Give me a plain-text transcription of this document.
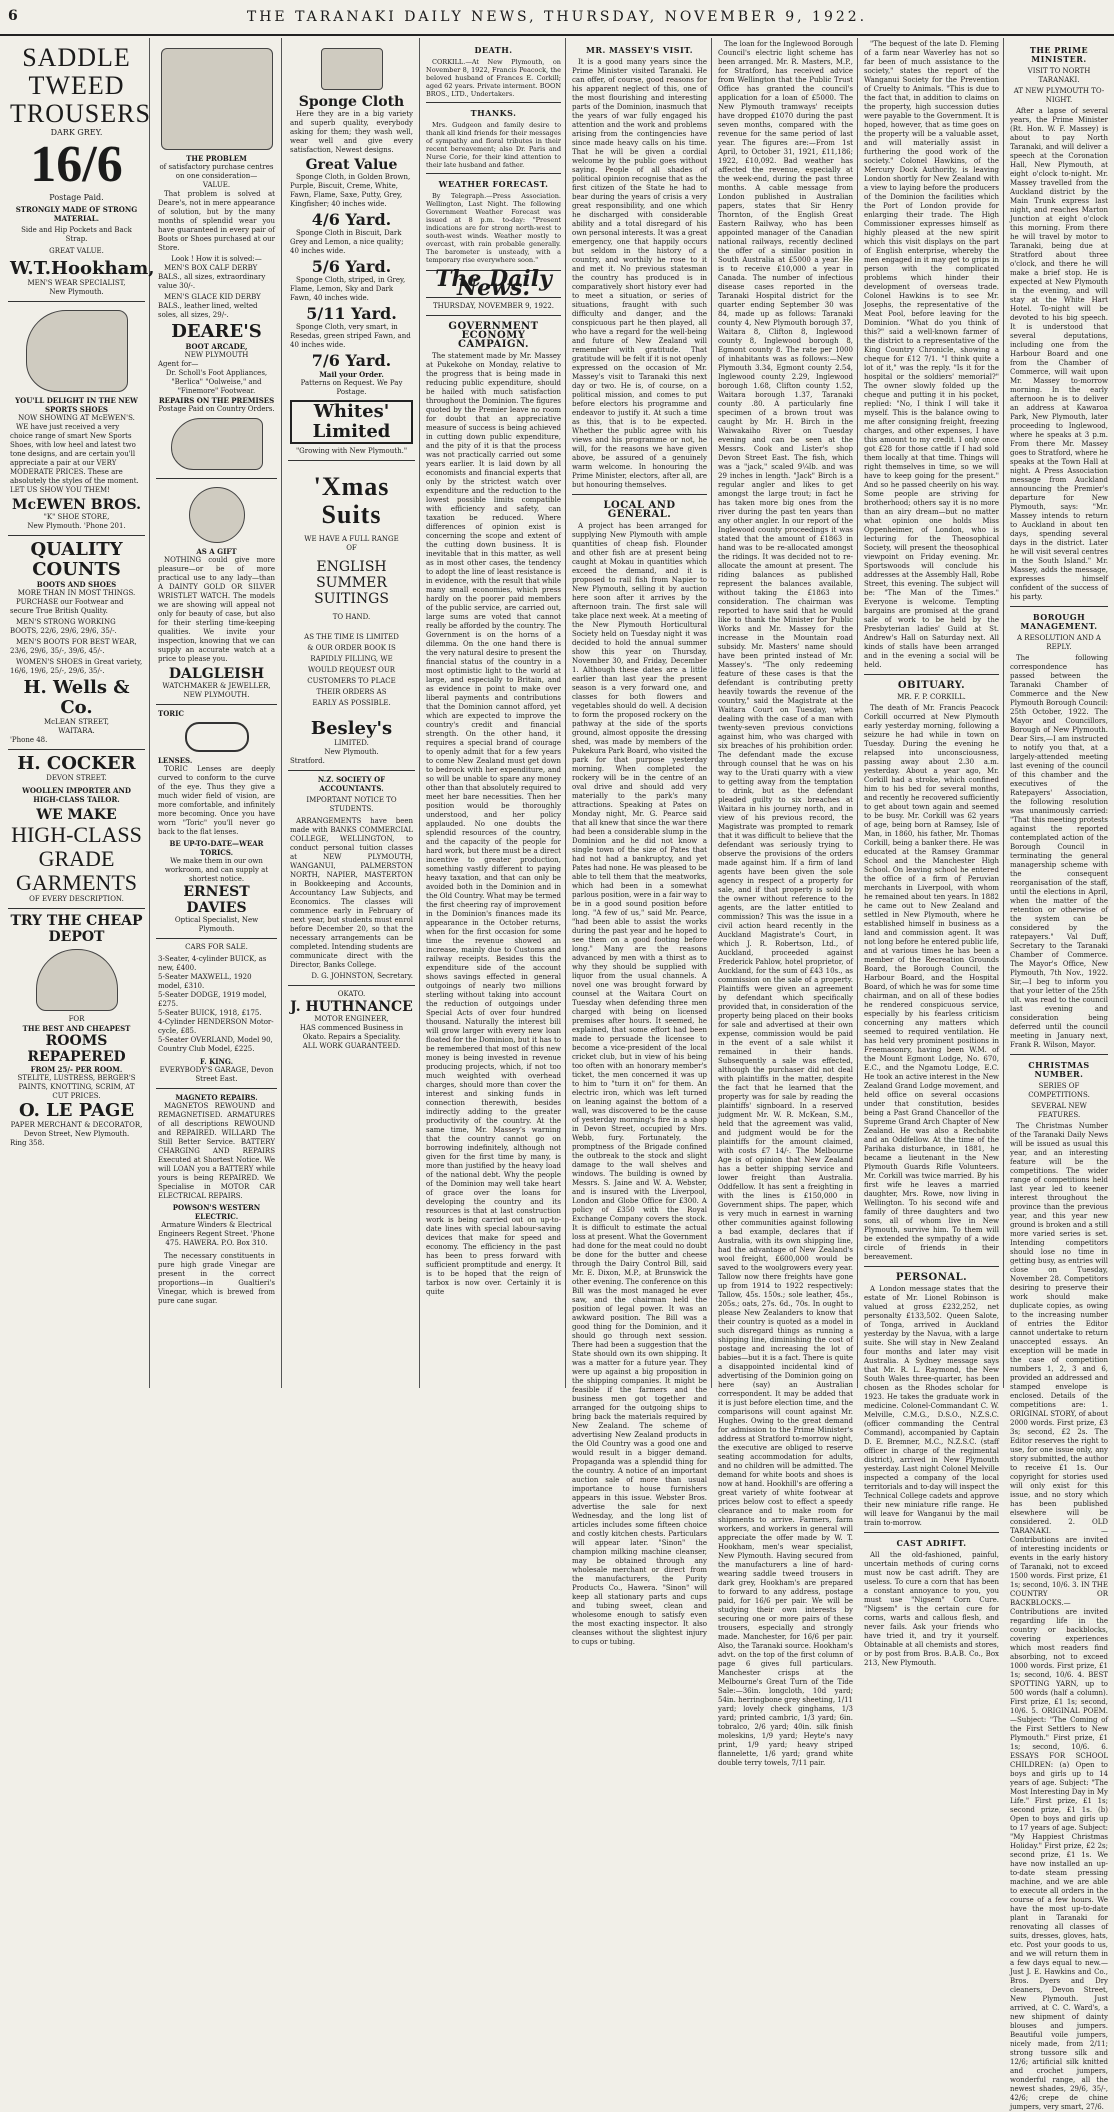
6	THE TARANAKI DAILY NEWS, THURSDAY, NOVEMBER 9, 1922.
SADDLE
TWEED
TROUSERS
DARK GREY.
16/6
Postage Paid.
STRONGLY MADE OF STRONG MATERIAL.
Side and Hip Pockets and Back Strap.
GREAT VALUE.
W.T.Hookham,
MEN'S WEAR SPECIALIST,
New Plymouth.
YOU'LL DELIGHT IN THE NEW SPORTS SHOES
NOW SHOWING AT McEWEN'S.

WE have just received a very choice range of smart New Sports Shoes, with low heel and latest two tone designs, and are certain you'll appreciate a pair at our VERY MODERATE PRICES. These are absolutely the styles of the moment. LET US SHOW YOU THEM!

McEWEN BROS.
"K" SHOE STORE,
New Plymouth. 'Phone 201.
QUALITY
COUNTS
BOOTS AND SHOES
MORE THAN IN MOST THINGS.

PURCHASE our Footwear and secure True British Quality.

MEN'S STRONG WORKING BOOTS, 22/6, 29/6, 29/6, 35/-.

MEN'S BOOTS FOR BEST WEAR, 23/6, 29/6, 35/-, 39/6, 45/-.

WOMEN'S SHOES in Great variety, 16/6, 19/6, 25/-, 29/6, 35/-.

H. Wells & Co.
McLEAN STREET,
WAITARA.
'Phone 48.
H. COCKER
DEVON STREET.
WOOLLEN IMPORTER AND HIGH-CLASS TAILOR.
WE MAKE
HIGH-CLASS
GRADE
GARMENTS
OF EVERY DESCRIPTION.
TRY THE CHEAP DEPOT
FOR
THE BEST AND CHEAPEST
ROOMS REPAPERED
FROM 25/- PER ROOM.
STELITE, LUSTRESS, BERGER'S PAINTS, KNOTTING, SCRIM, AT CUT PRICES.
O. LE PAGE
PAPER MERCHANT & DECORATOR, Devon Street, New Plymouth.
Ring 358.
THE PROBLEM
of satisfactory purchase centres on one consideration—
VALUE.

That problem is solved at Deare's, not in mere appearance of solution, but by the many months of splendid wear you have guaranteed in every pair of Boots or Shoes purchased at our Store.

Look ! How it is solved:—

MEN'S BOX CALF DERBY BALS., all sizes, extraordinary value 30/-.

MEN'S GLACE KID DERBY BALS., leather lined, welted soles, all sizes, 29/-.

DEARE'S
BOOT ARCADE,
NEW PLYMOUTH
Agent for—
Dr. Scholl's Foot Appliances, "Berlica" "Oolweise," and "Finemore" Footwear.
REPAIRS ON THE PREMISES
Postage Paid on Country Orders.
AS A GIFT

NOTHING could give more pleasure—or be of more practical use to any lady—than A DAINTY GOLD OR SILVER WRISTLET WATCH. The models we are showing will appeal not only for beauty of case, but also for their sterling time-keeping qualities. We invite your inspection, knowing that we can supply an accurate watch at a price to please you.

DALGLEISH
WATCHMAKER & JEWELLER, NEW PLYMOUTH.
TORIC
LENSES.

TORIC Lenses are deeply curved to conform to the curve of the eye. Thus they give a much wider field of vision, are more comfortable, and infinitely more becoming. Once you have worn "Toric" you'll never go back to the flat lenses.

BE UP-TO-DATE—WEAR TORICS.
We make them in our own workroom, and can supply at shortest notice.
ERNEST DAVIES
Optical Specialist, New Plymouth.
CARS FOR SALE.
3-Seater, 4-cylinder BUICK, as new, £400.
5-Seater MAXWELL, 1920 model, £310.
5-Seater DODGE, 1919 model, £275.
5-Seater BUICK, 1918, £175.
4-Cylinder HENDERSON Motor-cycle, £85.
5-Seater OVERLAND, Model 90, Country Club Model, £225.
F. KING.
EVERYBODY'S GARAGE, Devon Street East.
MAGNETO REPAIRS.

MAGNETOS REWOUND and REMAGNETISED. ARMATURES of all descriptions REWOUND and REPAIRED. WILLARD The Still Better Service. BATTERY CHARGING AND REPAIRS Executed at Shortest Notice. We will LOAN you a BATTERY while yours is being REPAIRED. We Specialise in MOTOR CAR ELECTRICAL REPAIRS.

POWSON'S WESTERN ELECTRIC.
Armature Winders & Electrical Engineers Regent Street. 'Phone 475. HAWERA. P.O. Box 310.

The necessary constituents in pure high grade Vinegar are present in the correct proportions—in Gualtieri's Vinegar, which is brewed from pure cane sugar.

Sponge Cloth

Here they are in a big variety and superb quality, everybody asking for them; they wash well, wear well and give every satisfaction, Newest designs.

Great Value

Sponge Cloth, in Golden Brown, Purple, Biscuit, Creme, White, Fawn, Flame, Saxe, Putty, Grey, Kingfisher; 40 inches wide.

4/6 Yard.

Sponge Cloth in Biscuit, Dark Grey and Lemon, a nice quality; 40 inches wide.

5/6 Yard.

Sponge Cloth, striped, in Grey, Flame, Lemon, Sky and Dark Fawn, 40 inches wide.

5/11 Yard.

Sponge Cloth, very smart, in Resedas, green striped Fawn, and 40 inches wide.

7/6 Yard.
Mail your Order.
Patterns on Request. We Pay Postage.
Whites' Limited
"Growing with New Plymouth."
'Xmas
Suits
WE HAVE A FULL RANGE OF
ENGLISH SUMMER SUITINGS
TO HAND.
AS THE TIME IS LIMITED & OUR ORDER BOOK IS RAPIDLY FILLING, WE WOULD REQUEST OUR CUSTOMERS TO PLACE THEIR ORDERS AS EARLY AS POSSIBLE.
Besley's
LIMITED.
New Plymouth.
Stratford.
N.Z. SOCIETY OF ACCOUNTANTS.
IMPORTANT NOTICE TO STUDENTS.

ARRANGEMENTS have been made with BANKS COMMERCIAL COLLEGE, WELLINGTON, to conduct personal tuition classes at NEW PLYMOUTH, WANGANUI, PALMERSTON NORTH, NAPIER, MASTERTON in Bookkeeping and Accounts, Accountancy Law Subjects, and Economics. The classes will commence early in February of next year, but students must enrol before December 20, so that the necessary arrangements can be completed. Intending students are communicate direct with the Director, Banks College.

D. G. JOHNSTON, Secretary.
OKATO.
J. HUTHNANCE
MOTOR ENGINEER,
HAS commenced Business in Okato. Repairs a Speciality.
ALL WORK GUARANTEED.
DEATH.

CORKILL.—At New Plymouth, on November 8, 1922, Francis Peacock, the beloved husband of Frances E. Corkill; aged 62 years. Private interment. BOON BROS., LTD., Undertakers.

THANKS.

Mrs. Gudgeon and family desire to thank all kind friends for their messages of sympathy and floral tributes in their recent bereavement; also Dr. Paris and Nurse Corie, for their kind attention to their late husband and father.

WEATHER FORECAST.

By Telegraph.—Press Association. Wellington, Last Night. The following Government Weather Forecast was issued at 8 p.m. to-day: "Present indications are for strong north-west to south-west winds. Weather mostly to overcast, with rain probable generally. The barometer is unsteady, with a temporary rise everywhere soon."

The Daily News.
THURSDAY, NOVEMBER 9, 1922.
GOVERNMENT ECONOMY CAMPAIGN.

The statement made by Mr. Massey at Pukekohe on Monday, relative to the progress that is being made in reducing public expenditure, should be hailed with much satisfaction throughout the Dominion. The figures quoted by the Premier leave no room for doubt that an appreciative measure of success is being achieved in cutting down public expenditure, and the pity of it is that the process was not practically carried out some years earlier. It is laid down by all economists and financial experts that only by the strictest watch over expenditure and the reduction to the lowest possible limits compatible with efficiency and safety, can taxation be reduced. Where differences of opinion exist is concerning the scope and extent of the cutting down business. It is inevitable that in this matter, as well as in most other cases, the tendency to adopt the line of least resistance is in evidence, with the result that while many small economies, which press hardly on the poorer paid members of the public service, are carried out, large sums are voted that cannot really be afforded by the country. The Government is on the horns of a dilemma. On the one hand there is the very natural desire to present the financial status of the country in a most optimistic light to the world at large, and especially to Britain, and as evidence in point to make over liberal payments and contributions that the Dominion cannot afford, yet which are expected to improve the country's credit and financial strength. On the other hand, it requires a special brand of courage to openly admit that for a few years to come New Zealand must get down to bedrock with her expenditure, and so will be unable to spare any money other than that absolutely required to meet her bare necessities. Then her position would be thoroughly understood, and her policy applauded. No one doubts the splendid resources of the country, and the capacity of the people for hard work, but there must be a direct incentive to greater production, something vastly different to paying heavy taxation, and that can only be avoided both in the Dominion and in the Old Country. What may be termed the first cheering ray of improvement in the Dominion's finances made its appearance in the October returns, when for the first occasion for some time the revenue showed an increase, mainly due to Customs and railway receipts. Besides this the expenditure side of the account shows savings effected in general outgoings of nearly two millions sterling without taking into account the reduction of outgoings under Special Acts of over four hundred thousand. Naturally the interest bill will grow larger with every new loan floated for the Dominion, but it has to be remembered that most of this new money is being invested in revenue producing projects, which, if not too much weighted with overhead charges, should more than cover the interest and sinking funds in connection therewith, besides indirectly adding to the greater productivity of the country. At the same time, Mr. Massey's warning that the country cannot go on borrowing indefinitely, although not given for the first time by many, is more than justified by the heavy load of the national debt. Why the people of the Dominion may well take heart of grace over the loans for developing the country and its resources is that at last construction work is being carried out on up-to-date lines with special labour-saving devices that make for speed and economy. The efficiency in the past has been to press forward with sufficient promptitude and energy. It is to be hoped that the reign of tarbox is now over. Certainly it is quite

MR. MASSEY'S VISIT.

It is a good many years since the Prime Minister visited Taranaki. He can offer, of course, good reasons for his apparent neglect of this, one of the most flourishing and interesting parts of the Dominion, inasmuch that the years of war fully engaged his attention and the work and problems arising from the contingencies have since made heavy calls on his time. That he will be given a cordial welcome by the public goes without saying. People of all shades of political opinion recognise that as the first citizen of the State he had to bear during the years of crisis a very great responsibility, and one which he discharged with considerable ability and a total disregard of his own personal interests. It was a great emergency, one that happily occurs but seldom in the history of a country, and worthily he rose to it and met it. No previous statesman the country has produced is in comparatively short history ever had to meet a situation, or series of situations, fraught with such difficulty and danger, and the conspicuous part he then played, all who have a regard for the well-being and future of New Zealand will remember with gratitude. That gratitude will be felt if it is not openly expressed on the occasion of Mr. Massey's visit to Taranaki this next day or two. He is, of course, on a political mission, and comes to put before electors his programme and endeavor to justify it. At such a time as this, that is to be expected. Whether the public agree with his views and his programme or not, he will, for the reasons we have given above, be assured of a genuinely warm welcome. In honouring the Prime Minister, electors, after all, are but honouring themselves.

LOCAL AND GENERAL.

A project has been arranged for supplying New Plymouth with ample quantities of cheap fish. Flounder and other fish are at present being caught at Mokau in quantities which exceed the demand, and it is proposed to rail fish from Napier to New Plymouth, selling it by auction here soon after it arrives by the afternoon train. The first sale will take place next week. At a meeting of the New Plymouth Horticultural Society held on Tuesday night it was decided to hold the annual summer show this year on Thursday, November 30, and Friday, December 1. Although these dates are a little earlier than last year the present season is a very forward one, and classes for both flowers and vegetables should do well. A decision to form the proposed rockery on the pathway at the side of the sports ground, almost opposite the dressing shed, was made by members of the Pukekura Park Board, who visited the park for that purpose yesterday morning. When completed the rockery will be in the centre of an oval drive and should add very materially to the park's many attractions. Speaking at Pates on Monday night, Mr. G. Pearce said that all knew that since the war there had been a considerable slump in the Dominion and he did not know a single town of the size of Pates that had not had a bankruptcy, and yet Pates had none. He was pleased to be able to tell them that the meatworks, which had been in a somewhat parlous position, were in a fair way to be in a good sound position before long. "A few of us," said Mr. Pearce, "had been able to assist the works during the past year and he hoped to see them on a good footing before long." Many are the reasons advanced by men with a thirst as to why they should be supplied with liquor from the usual channels. A novel one was brought forward by counsel at the Waitara Court on Tuesday when defending three men charged with being on licensed premises after hours. It seemed, he explained, that some effort had been made to persuade the licensee to become a vice-president of the local cricket club, but in view of his being too often with an honorary member's ticket, the men concerned it was up to him to "turn it on" for them. An electric iron, which was left turned on leaning against the bottom of a wall, was discovered to be the cause of yesterday morning's fire in a shop in Devon Street, occupied by Mrs. Webb, fury. Fortunately, the promptness of the Brigade confined the outbreak to the stock and slight damage to the wall shelves and windows. The building is owned by Messrs. S. Jaine and W. A. Webster, and is insured with the Liverpool, London and Globe Office for £300. A policy of £350 with the Royal Exchange Company covers the stock. It is difficult to estimate the actual loss at present. What the Government had done for the meat could no doubt be done for the butter and cheese through the Dairy Control Bill, said Mr. E. Dixon, M.P., at Brunswick the other evening. The conference on this Bill was the most managed he ever saw, and the chairman held the position of legal power. It was an awkward position. The Bill was a good thing for the Dominion, and it should go through next session. There had been a suggestion that the State should own its own shipping. It was a matter for a future year. They were up against a big proposition in the shipping companies. It might be feasible if the farmers and the business men got together and arranged for the outgoing ships to bring back the materials required by New Zealand. The scheme of advertising New Zealand products in the Old Country was a good one and would result in a bigger demand. Propaganda was a splendid thing for the country. A notice of an important auction sale of more than usual importance to house furnishers appears in this issue. Webster Bros. advertise the sale for next Wednesday, and the long list of articles includes some fifteen choice and costly kitchen chests. Particulars will appear later. "Sinon" the champion milking machine cleanser, may be obtained through any wholesale merchant or direct from the manufacturers, the Purity Products Co., Hawera. "Sinon" will keep all stationary parts and cups and tubing sweet, clean and wholesome enough to satisfy even the most exacting inspector. It also cleanses without the slightest injury to cups or tubing.

The loan for the Inglewood Borough Council's electric light scheme has been arranged. Mr. R. Masters, M.P., for Stratford, has received advice from Wellington that the Public Trust Office has granted the council's application for a loan of £5000. The New Plymouth tramways' receipts have dropped £1070 during the past seven months, compared with the revenue for the same period of last year. The figures are:—From 1st April, to October 31, 1921, £11,186; 1922, £10,092. Bad weather has affected the revenue, especially at the week-end, during the past three months. A cable message from London published in Australian papers, states that Sir Henry Thornton, of the English Great Eastern Railway, who has been appointed manager of the Canadian national railways, recently declined the offer of a similar position in South Australia at £5000 a year. He is to receive £10,000 a year in Canada. The number of infectious disease cases reported in the Taranaki Hospital district for the quarter ending September 30 was 84, made up as follows: Taranaki county 4, New Plymouth borough 37, Waitara 8, Clifton 8, Inglewood county 8, Inglewood borough 8, Egmont county 8. The rate per 1000 of inhabitants was as follows:—New Plymouth 3.34, Egmont county 2.54, Inglewood county 2.29, Inglewood borough 1.68, Clifton county 1.52, Waitara borough 1.37, Taranaki county .80. A particularly fine specimen of a brown trout was caught by Mr. H. Birch in the Waiwakaiho River on Tuesday evening and can be seen at the Messrs. Cook and Lister's shop Devon Street East. The fish, which was a "jack," scaled 9¼lb. and was 29 inches in length. "Jack" Birch is a regular angler and likes to get amongst the large trout; in fact he has taken more big ones from the river during the past ten years than any other angler. In our report of the Inglewood county proceedings it was stated that the amount of £1863 in hand was to be re-allocated amongst the ridings. It was decided not to re-allocate the amount at present. The riding balances as published represent the balances available, without taking the £1863 into consideration. The chairman was reported to have said that he would like to thank the Minister for Public Works and Mr. Massey for the increase in the Mountain road subsidy. Mr. Masters' name should have been printed instead of Mr. Massey's. "The only redeeming feature of these cases is that the defendant is contributing pretty heavily towards the revenue of the country," said the Magistrate at the Waitara Court on Tuesday, when dealing with the case of a man with twenty-seven previous convictions against him, who was charged with six breaches of his prohibition order. The defendant made the excuse through counsel that he was on his way to the Urati quarry with a view to getting away from the temptation to drink, but as the defendant pleaded guilty to six breaches at Waitara in his journey north, and in view of his previous record, the Magistrate was prompted to remark that it was difficult to believe that the defendant was seriously trying to observe the provisions of the orders made against him. If a firm of land agents have been given the sole agency in respect of a property for sale, and if that property is sold by the owner without reference to the agents, are the latter entitled to commission? This was the issue in a civil action heard recently in the Auckland Magistrate's Court, in which J. R. Robertson, Ltd., of Auckland, proceeded against Frederick Pahlow, hotel proprietor, of Auckland, for the sum of £43 10s., as commission on the sale of a property. Plaintiffs were given an agreement by defendant which specifically provided that, in consideration of the property being placed on their books for sale and advertised at their own expense, commission would be paid in the event of a sale whilst it remained in their hands. Subsequently a sale was effected, although the purchaser did not deal with plaintiffs in the matter, despite the fact that he learned that the property was for sale by reading the plaintiffs' signboard. In a reserved judgment Mr. W. R. McKean, S.M., held that the agreement was valid, and judgment would be for the plaintiffs for the amount claimed, with costs £7 14/-. The Melbourne Age is of opinion that New Zealand has a better shipping service and lower freight than Australia. Oddfellow. It has sent a freighting in with the lines is £150,000 in Government ships. The paper, which is very much in earnest in warning other communities against following a bad example, declares that if Australia, with its own shipping line, had the advantage of New Zealand's wool freight, £600,000 would be saved to the woolgrowers every year. Tallow now there freights have gone up from 1914 to 1922 respectively: Tallow, 45s. 150s.; sole leather, 45s., 205s.; oats, 27s. 6d., 70s. In ought to please New Zealanders to know that their country is quoted as a model in such disregard things as running a shipping line, diminishing the cost of postage and increasing the lot of babies—but it is a fact. There is quite a disappointed incidental kind of advertising of the Dominion going on here (say) an Australian correspondent. It may be added that it is just before election time, and the comparisons will count against Mr. Hughes. Owing to the great demand for admission to the Prime Minister's address at Stratford to-morrow night, the executive are obliged to reserve seating accommodation for adults, and no children will be admitted. The demand for white boots and shoes is now at hand. Hookhill's are offering a great variety of white footwear at prices below cost to effect a speedy clearance and to make room for shipments to arrive. Farmers, farm workers, and workers in general will appreciate the offer made by W. T. Hookham, men's wear specialist, New Plymouth. Having secured from the manufacturers a line of hard-wearing saddle tweed trousers in dark grey, Hookham's are prepared to forward to any address, postage paid, for 16/6 per pair. We will be studying their own interests by securing one or more pairs of these trousers, especially and strongly made. Manchester, for 16/6 per pair. Also, the Taranaki source. Hookham's advt. on the top of the first column of page 6 gives full particulars. Manchester crisps at the Melbourne's Great Turn of the Tide Sale:—36in. longcloth, 10d yard; 54in. herringbone grey sheeting, 1/11 yard; lovely check ginghams, 1/3 yard; printed cambric, 1/3 yard; 6in. tobralco, 2/6 yard; 40in. silk finish moleskins, 1/9 yard; Heyte's navy print, 1/9 yard; heavy striped flannelette, 1/6 yard; grand white double terry towels, 7/11 pair.

"The bequest of the late D. Fleming of a farm near Waverley has not so far been of much assistance to the society," states the report of the Wanganui Society for the Prevention of Cruelty to Animals. "This is due to the fact that, in addition to claims on the property, high succession duties were payable to the Government. It is hoped, however, that as time goes on the property will be a valuable asset, and will materially assist in furthering the good work of the society." Colonel Hawkins, of the Mercury Dock Authority, is leaving London shortly for New Zealand with a view to laying before the producers of the Dominion the facilities which the Port of London provide for enlarging their trade. The High Commissioner expresses himself as highly pleased at the new spirit which this visit displays on the part of English enterprise, whereby the men engaged in it may get to grips in person with the complicated problems which hinder their development of overseas trade. Colonel Hawkins is to see Mr. Josephs, the representative of the Meat Pool, before leaving for the Dominion. "What do you think of this?" said a well-known farmer of the district to a representative of the King Country Chronicle, showing a cheque for £12 7/1. "I think quite a lot of it," was the reply. "Is it for the hospital or the soldiers' memorial?" The owner slowly folded up the cheque and putting it in his pocket, replied: "No, I think I will take it myself. This is the balance owing to me after consigning freight, freezing charges, and other expenses, I have this amount to my credit. I only once got £28 for those cattle if I had sold them locally at that time. Things will right themselves in time, so we will have to keep going for the present." And so he passed cheerily on his way. Some people are striving for brotherhood; others say it is no more than an airy dream—but no matter what opinion one holds Miss Oppenheimer, of London, who is lecturing for the Theosophical Society, will present the theosophical viewpoint on Friday evening. Mr. Sportswoods will conclude his addresses at the Assembly Hall, Robe Street, this evening. The subject will be: "The Man of the Times." Everyone is welcome. Tempting bargains are promised at the grand sale of work to be held by the Presbyterian ladies' Guild at St. Andrew's Hall on Saturday next. All kinds of stalls have been arranged and in the evening a social will be held.

OBITUARY.
MR. F. P. CORKILL.

The death of Mr. Francis Peacock Corkill occurred at New Plymouth early yesterday morning, following a seizure he had while in town on Tuesday. During the evening he relapsed into unconsciousness, passing away about 2.30 a.m. yesterday. About a year ago, Mr. Corkill had a stroke, which confined him to his bed for several months, and recently he recovered sufficiently to get about town again and seemed to be busy. Mr. Corkill was 62 years of age, being born at Ramsey, Isle of Man, in 1860, his father, Mr. Thomas Corkill, being a banker there. He was educated at the Ramsey Grammar School and the Manchester High School. On leaving school he entered the office of a firm of Peruvian merchants in Liverpool, with whom he remained about ten years. In 1882 he came out to New Zealand and settled in New Plymouth, where he established himself in business as a land and commission agent. It was not long before he entered public life, and at various times he has been a member of the Recreation Grounds Board, the Borough Council, the Harbour Board, and the Hospital Board, of which he was for some time chairman, and on all of these bodies he rendered conspicuous service, especially by his fearless criticism concerning any matters which seemed to required ventilation. He has held very prominent positions in Freemasonry, having been W.M. of the Mount Egmont Lodge, No. 670, E.C., and the Ngamotu Lodge, E.C. He took an active interest in the New Zealand Grand Lodge movement, and held office on several occasions under that constitution, besides being a Past Grand Chancellor of the Supreme Grand Arch Chapter of New Zealand. He was also a Rechabite and an Oddfellow. At the time of the Parihaka disturbance, in 1881, he became a lieutenant in the New Plymouth Guards Rifle Volunteers. Mr. Corkill was twice married. By his first wife he leaves a married daughter, Mrs. Rowe, now living in Wellington. To his second wife and family of three daughters and two sons, all of whom live in New Plymouth, survive him. To them will be extended the sympathy of a wide circle of friends in their bereavement.

PERSONAL.

A London message states that the estate of Mr. Lionel Robinson is valued at gross £232,252, net personalty £133,502. Queen Salote, of Tonga, arrived in Auckland yesterday by the Navua, with a large suite. She will stay in New Zealand four months and later may visit Australia. A Sydney message says that Mr. R. L. Raymond, the New South Wales three-quarter, has been chosen as the Rhodes scholar for 1923. He takes the graduate work in medicine. Colonel-Commandant C. W. Melville, C.M.G., D.S.O., N.Z.S.C. (officer commanding the Central Command), accompanied by Captain D. E. Bremner, M.C., N.Z.S.C. (staff officer in charge of the regimental district), arrived in New Plymouth yesterday. Last night Colonel Melville inspected a company of the local territorials and to-day will inspect the Technical College cadets and approve their new miniature rifle range. He will leave for Wanganui by the mail train to-morrow.

CAST ADRIFT.

All the old-fashioned, painful, uncertain methods of curing corns must now be cast adrift. They are useless. To cure a corn that has been a constant annoyance to you, you must use "Nigsem" Corn Cure. "Nigsem" is the certain cure for corns, warts and callous flesh, and never fails. Ask your friends who have tried it, and try it yourself. Obtainable at all chemists and stores, or by post from Bros. B.A.B. Co., Box 213, New Plymouth.

THE PRIME MINISTER.
VISIT TO NORTH TARANAKI.
AT NEW PLYMOUTH TO-NIGHT.

After a lapse of several years, the Prime Minister (Rt. Hon. W. F. Massey) is about to pay North Taranaki, and will deliver a speech at the Coronation Hall, New Plymouth, at eight o'clock to-night. Mr. Massey travelled from the Auckland district by the Main Trunk express last night, and reaches Marton Junction at eight o'clock this morning. From there he will travel by motor to Taranaki, being due at Stratford about three o'clock, and there he will make a brief stop. He is expected at New Plymouth in the evening, and will stay at the White Hart Hotel. To-night will be devoted to his big speech. It is understood that several deputations, including one from the Harbour Board and one from the Chamber of Commerce, will wait upon Mr. Massey to-morrow morning. In the early afternoon he is to deliver an address at Kawaroa Park, New Plymouth, later proceeding to Inglewood, where he speaks at 3 p.m. From there Mr. Massey goes to Stratford, where he speaks at the Town Hall at night. A Press Association message from Auckland announcing the Premier's departure for New Plymouth, says: "Mr. Massey intends to return to Auckland in about ten days, spending several days in the district. Later he will visit several centres in the South Island." Mr. Massey, adds the message, expresses himself confident of the success of his party.

BOROUGH MANAGEMENT.
A RESOLUTION AND A REPLY.

The following correspondence has passed between the Taranaki Chamber of Commerce and the New Plymouth Borough Council: 25th October, 1922. The Mayor and Councillors, Borough of New Plymouth. Dear Sirs,—I am instructed to notify you that, at a largely-attended meeting last evening of the council of this chamber and the executives of the Ratepayers' Association, the following resolution was unanimously carried: "That this meeting protests against the reported contemplated action of the Borough Council in terminating the general managership scheme with the consequent reorganisation of the staff, until the elections in April, when the matter of the retention or otherwise of the system can be considered by the ratepayers." Val Duff, Secretary to the Taranaki Chamber of Commerce. The Mayor's Office, New Plymouth, 7th Nov., 1922. Sir,—I beg to inform you that your letter of the 25th ult. was read to the council last evening and consideration being deferred until the council meeting in January next, Frank R. Wilson, Mayor.

CHRISTMAS NUMBER.
SERIES OF COMPETITIONS.
SEVERAL NEW FEATURES.

The Christmas Number of the Taranaki Daily News will be issued as usual this year, and an interesting feature will be the competitions. The wider range of competitions held last year led to keener interest throughout the province than the previous year, and this year new ground is broken and a still more varied series is set. Intending competitors should lose no time in getting busy, as entries will close on Tuesday, November 28. Competitors desiring to preserve their work should make duplicate copies, as owing to the increasing number of entries the Editor cannot undertake to return unaccepted essays. An exception will be made in the case of competition numbers 1, 2, 3 and 6, provided an addressed and stamped envelope is enclosed. Details of the competitions are: 1. ORIGINAL STORY, of about 2000 words. First prize, £3 3s; second, £2 2s. The Editor reserves the right to use, for one issue only, any story submitted, the author to receive £1 1s. Our copyright for stories used will only exist for this issue, and no story which has been published elsewhere will be considered. 2. OLD TARANAKI. — Contributions are invited of interesting incidents or events in the early history of Taranaki, not to exceed 1500 words. First prize, £1 1s; second, 10/6. 3. IN THE COUNTRY OR BACKBLOCKS.—Contributions are invited regarding life in the country or backblocks, covering experiences which most readers find absorbing, not to exceed 1000 words. First prize, £1 1s; second, 10/6. 4. BEST SPOTTING YARN, up to 500 words (half a column). First prize, £1 1s; second, 10/6. 5. ORIGINAL POEM.—Subject: "The Coming of the First Settlers to New Plymouth." First prize, £1 1s; second, 10/6. 6. ESSAYS FOR SCHOOL CHILDREN: (a) Open to boys and girls up to 14 years of age. Subject: "The Most Interesting Day in My Life." First prize, £1 1s; second prize, £1 1s. (b) Open to boys and girls up to 17 years of age. Subject: "My Happiest Christmas Holiday." First prize, £2 2s; second prize, £1 1s. We have now installed an up-to-date steam pressing machine, and we are able to execute all orders in the course of a few hours. We have the most up-to-date plant in Taranaki for renovating all classes of suits, dresses, gloves, hats, etc. Post your goods to us, and we will return them in a few days equal to new.—Just J. E. Hawkins and Co., Bros. Dyers and Dry cleaners, Devon Street, New Plymouth. Just arrived, at C. C. Ward's, a new shipment of dainty blouses and jumpers. Beautiful voile jumpers, nicely made, from 2/11; strong tussore silk and 12/6; artificial silk knitted and crochet jumpers, wonderful range, all the newest shades, 29/6, 35/-, 42/6; crepe de chine jumpers, very smart, 27/6.
